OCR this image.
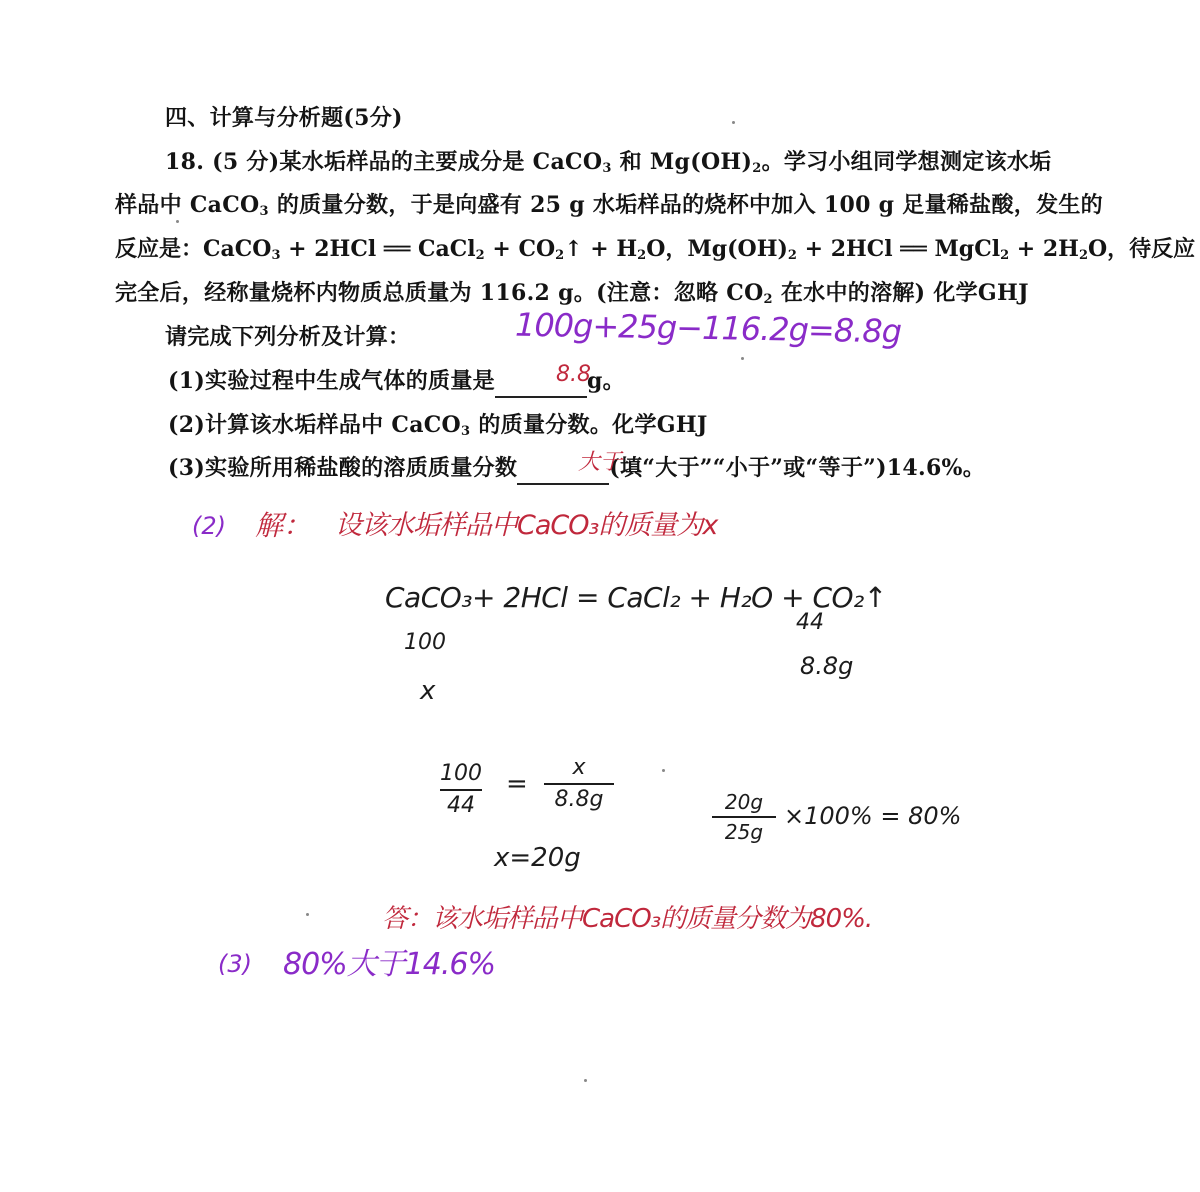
四、计算与分析题(5分)
18. (5 分)某水垢样品的主要成分是 CaCO$_3$ 和 $Mg(OH)_2$。学习小组同学想测定该水垢
样品中 CaCO$_3$ 的质量分数，于是向盛有 25 g 水垢样品的烧杯中加入 100 g 足量稀盐酸，发生的
反应是：CaCO$_3$ + 2HCl ══ CaCl$_2$ + $CO_2↑ + H_2O$，$Mg(OH)_2 + 2HCl$ ══ MgCl$_2$ + $2H_2O$，待反应
完全后，经称量烧杯内物质总质量为 116.2 g。(注意：忽略 $CO_2$ 在水中的溶解) 化学GHJ
请完成下列分析及计算：
(1)实验过程中生成气体的质量是	g。
(2)计算该水垢样品中 CaCO$_3$ 的质量分数。化学GHJ
(3)实验所用稀盐酸的溶质质量分数	(填“大于”“小于”或“等于”)14.6%。
100g+25g−116.2g=8.8g
8.8
大于
(2) 解： 设该水垢样品中CaCO₃的质量为x
CaCO₃+ 2HCl = CaCl₂ + H₂O + CO₂↑
100
44
8.8g
x
100
44
=
x
8.8g
x=20g
20g
25g
×100% = 80%
答：该水垢样品中CaCO₃的质量分数为80%.
(3) 80%大于14.6%
